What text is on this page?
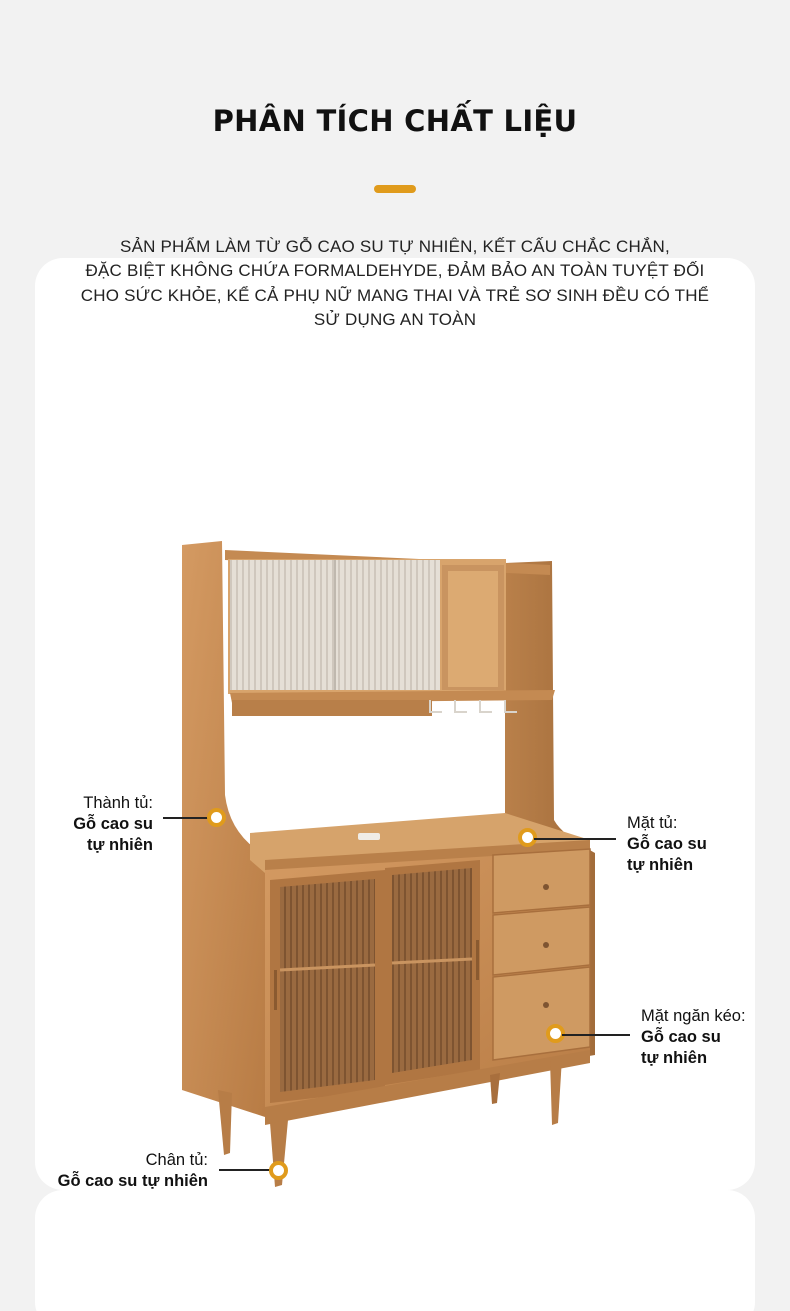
PHÂN TÍCH CHẤT LIỆU
SẢN PHẨM LÀM TỪ GỖ CAO SU TỰ NHIÊN, KẾT CẤU CHẮC CHẮN,
ĐẶC BIỆT KHÔNG CHỨA FORMALDEHYDE, ĐẢM BẢO AN TOÀN TUYỆT ĐỐI
CHO SỨC KHỎE, KỂ CẢ PHỤ NỮ MANG THAI VÀ TRẺ SƠ SINH ĐỀU CÓ THỂ
SỬ DỤNG AN TOÀN
Thành tủ:
Gỗ cao su
tự nhiên
Mặt tủ:
Gỗ cao su
tự nhiên
Mặt ngăn kéo:
Gỗ cao su
tự nhiên
Chân tủ:
Gỗ cao su tự nhiên
